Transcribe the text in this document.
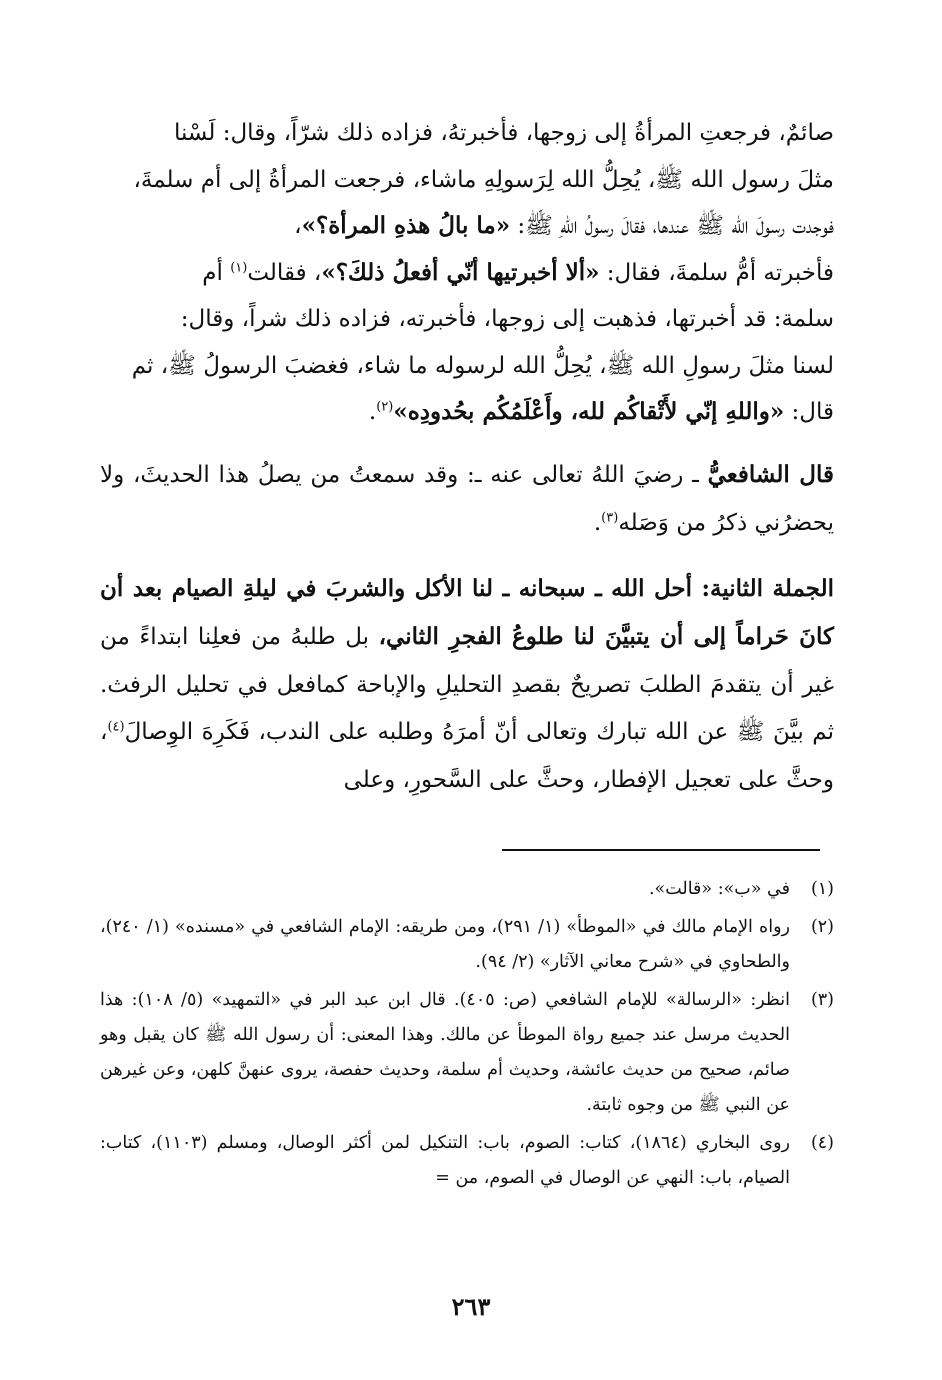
صائمٌ، فرجعتِ المرأةُ إلى زوجها، فأخبرتهُ، فزاده ذلك شرّاً، وقال: لَسْنا
مثلَ رسول الله ﷺ، يُحِلُّ الله لِرَسولِهِ ماشاء، فرجعت المرأةُ إلى أم سلمةَ،
فوجدت رسولَ الله ﷺ عندها، فقالَ رسولُ اللهِ ﷺ: «ما بالُ هذهِ المرأة؟»،
فأخبرته أمُّ سلمةَ، فقال: «ألا أخبرتيها أنّي أفعلُ ذلكَ؟»، فقالت$^{(١)}$ أم
سلمة: قد أخبرتها، فذهبت إلى زوجها، فأخبرته، فزاده ذلك شراً، وقال:
لسنا مثلَ رسولِ الله ﷺ، يُحِلُّ الله لرسوله ما شاء، فغضبَ الرسولُ ﷺ، ثم
قال: «واللهِ إنّي لأَتْقاكُم لله، وأَعْلَمُكُم بحُدودِه»$^{(٢)}$.

قال الشافعيُّ ـ رضيَ اللهُ تعالى عنه ـ: وقد سمعتُ من يصلُ هذا الحديثَ، ولا يحضرُني ذكرُ من وَصَله$^{(٣)}$.

الجملة الثانية: أحل الله ـ سبحانه ـ لنا الأكل والشربَ في ليلةِ الصيام بعد أن كانَ حَراماً إلى أن يتبيَّنَ لنا طلوعُ الفجرِ الثاني، بل طلبهُ من فعلِنا ابتداءً من غير أن يتقدمَ الطلبَ تصريحٌ بقصدِ التحليلِ والإباحة كمافعل في تحليل الرفث. ثم بيَّنَ ﷺ عن الله تبارك وتعالى أنّ أمرَهُ وطلبه على الندب، فَكَرِهَ الوِصالَ$^{(٤)}$، وحثَّ على تعجيل الإفطار، وحثَّ على السَّحورِ، وعلى

(١)
في «ب»: «قالت».
(٢)
رواه الإمام مالك في «الموطأ» (١/ ٢٩١)، ومن طريقه: الإمام الشافعي في «مسنده» (١/ ٢٤٠)، والطحاوي في «شرح معاني الآثار» (٢/ ٩٤).
(٣)
انظر: «الرسالة» للإمام الشافعي (ص: ٤٠٥). قال ابن عبد البر في «التمهيد» (٥/ ١٠٨): هذا الحديث مرسل عند جميع رواة الموطأ عن مالك. وهذا المعنى: أن رسول الله ﷺ كان يقبل وهو صائم، صحيح من حديث عائشة، وحديث أم سلمة، وحديث حفصة، يروى عنهنَّ كلهن، وعن غيرهن عن النبي ﷺ من وجوه ثابتة.
(٤)
روى البخاري (١٨٦٤)، كتاب: الصوم، باب: التنكيل لمن أكثر الوصال، ومسلم (١١٠٣)، كتاب: الصيام، باب: النهي عن الوصال في الصوم، من =
٢٦٣
